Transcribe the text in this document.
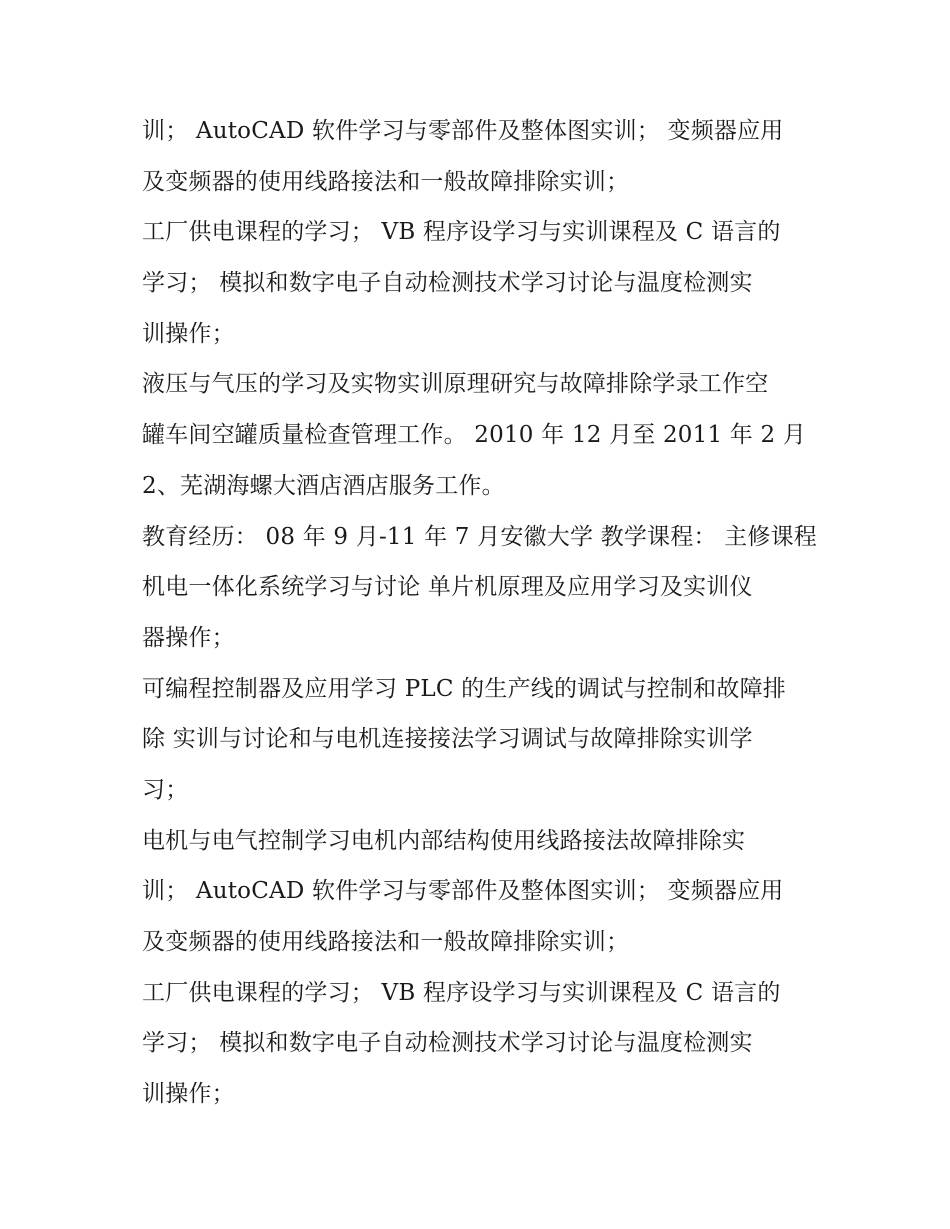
训； AutoCAD 软件学习与零部件及整体图实训； 变频器应用
及变频器的使用线路接法和一般故障排除实训；
工厂供电课程的学习； VB 程序设学习与实训课程及 C 语言的
学习； 模拟和数字电子自动检测技术学习讨论与温度检测实
训操作；
液压与气压的学习及实物实训原理研究与故障排除学录工作空
罐车间空罐质量检查管理工作。 2010 年 12 月至 2011 年 2 月
2、芜湖海螺大酒店酒店服务工作。
教育经历： 08 年 9 月-11 年 7 月安徽大学 教学课程： 主修课程
机电一体化系统学习与讨论 单片机原理及应用学习及实训仪
器操作；
可编程控制器及应用学习 PLC 的生产线的调试与控制和故障排
除 实训与讨论和与电机连接接法学习调试与故障排除实训学
习；
电机与电气控制学习电机内部结构使用线路接法故障排除实
训； AutoCAD 软件学习与零部件及整体图实训； 变频器应用
及变频器的使用线路接法和一般故障排除实训；
工厂供电课程的学习； VB 程序设学习与实训课程及 C 语言的
学习； 模拟和数字电子自动检测技术学习讨论与温度检测实
训操作；
